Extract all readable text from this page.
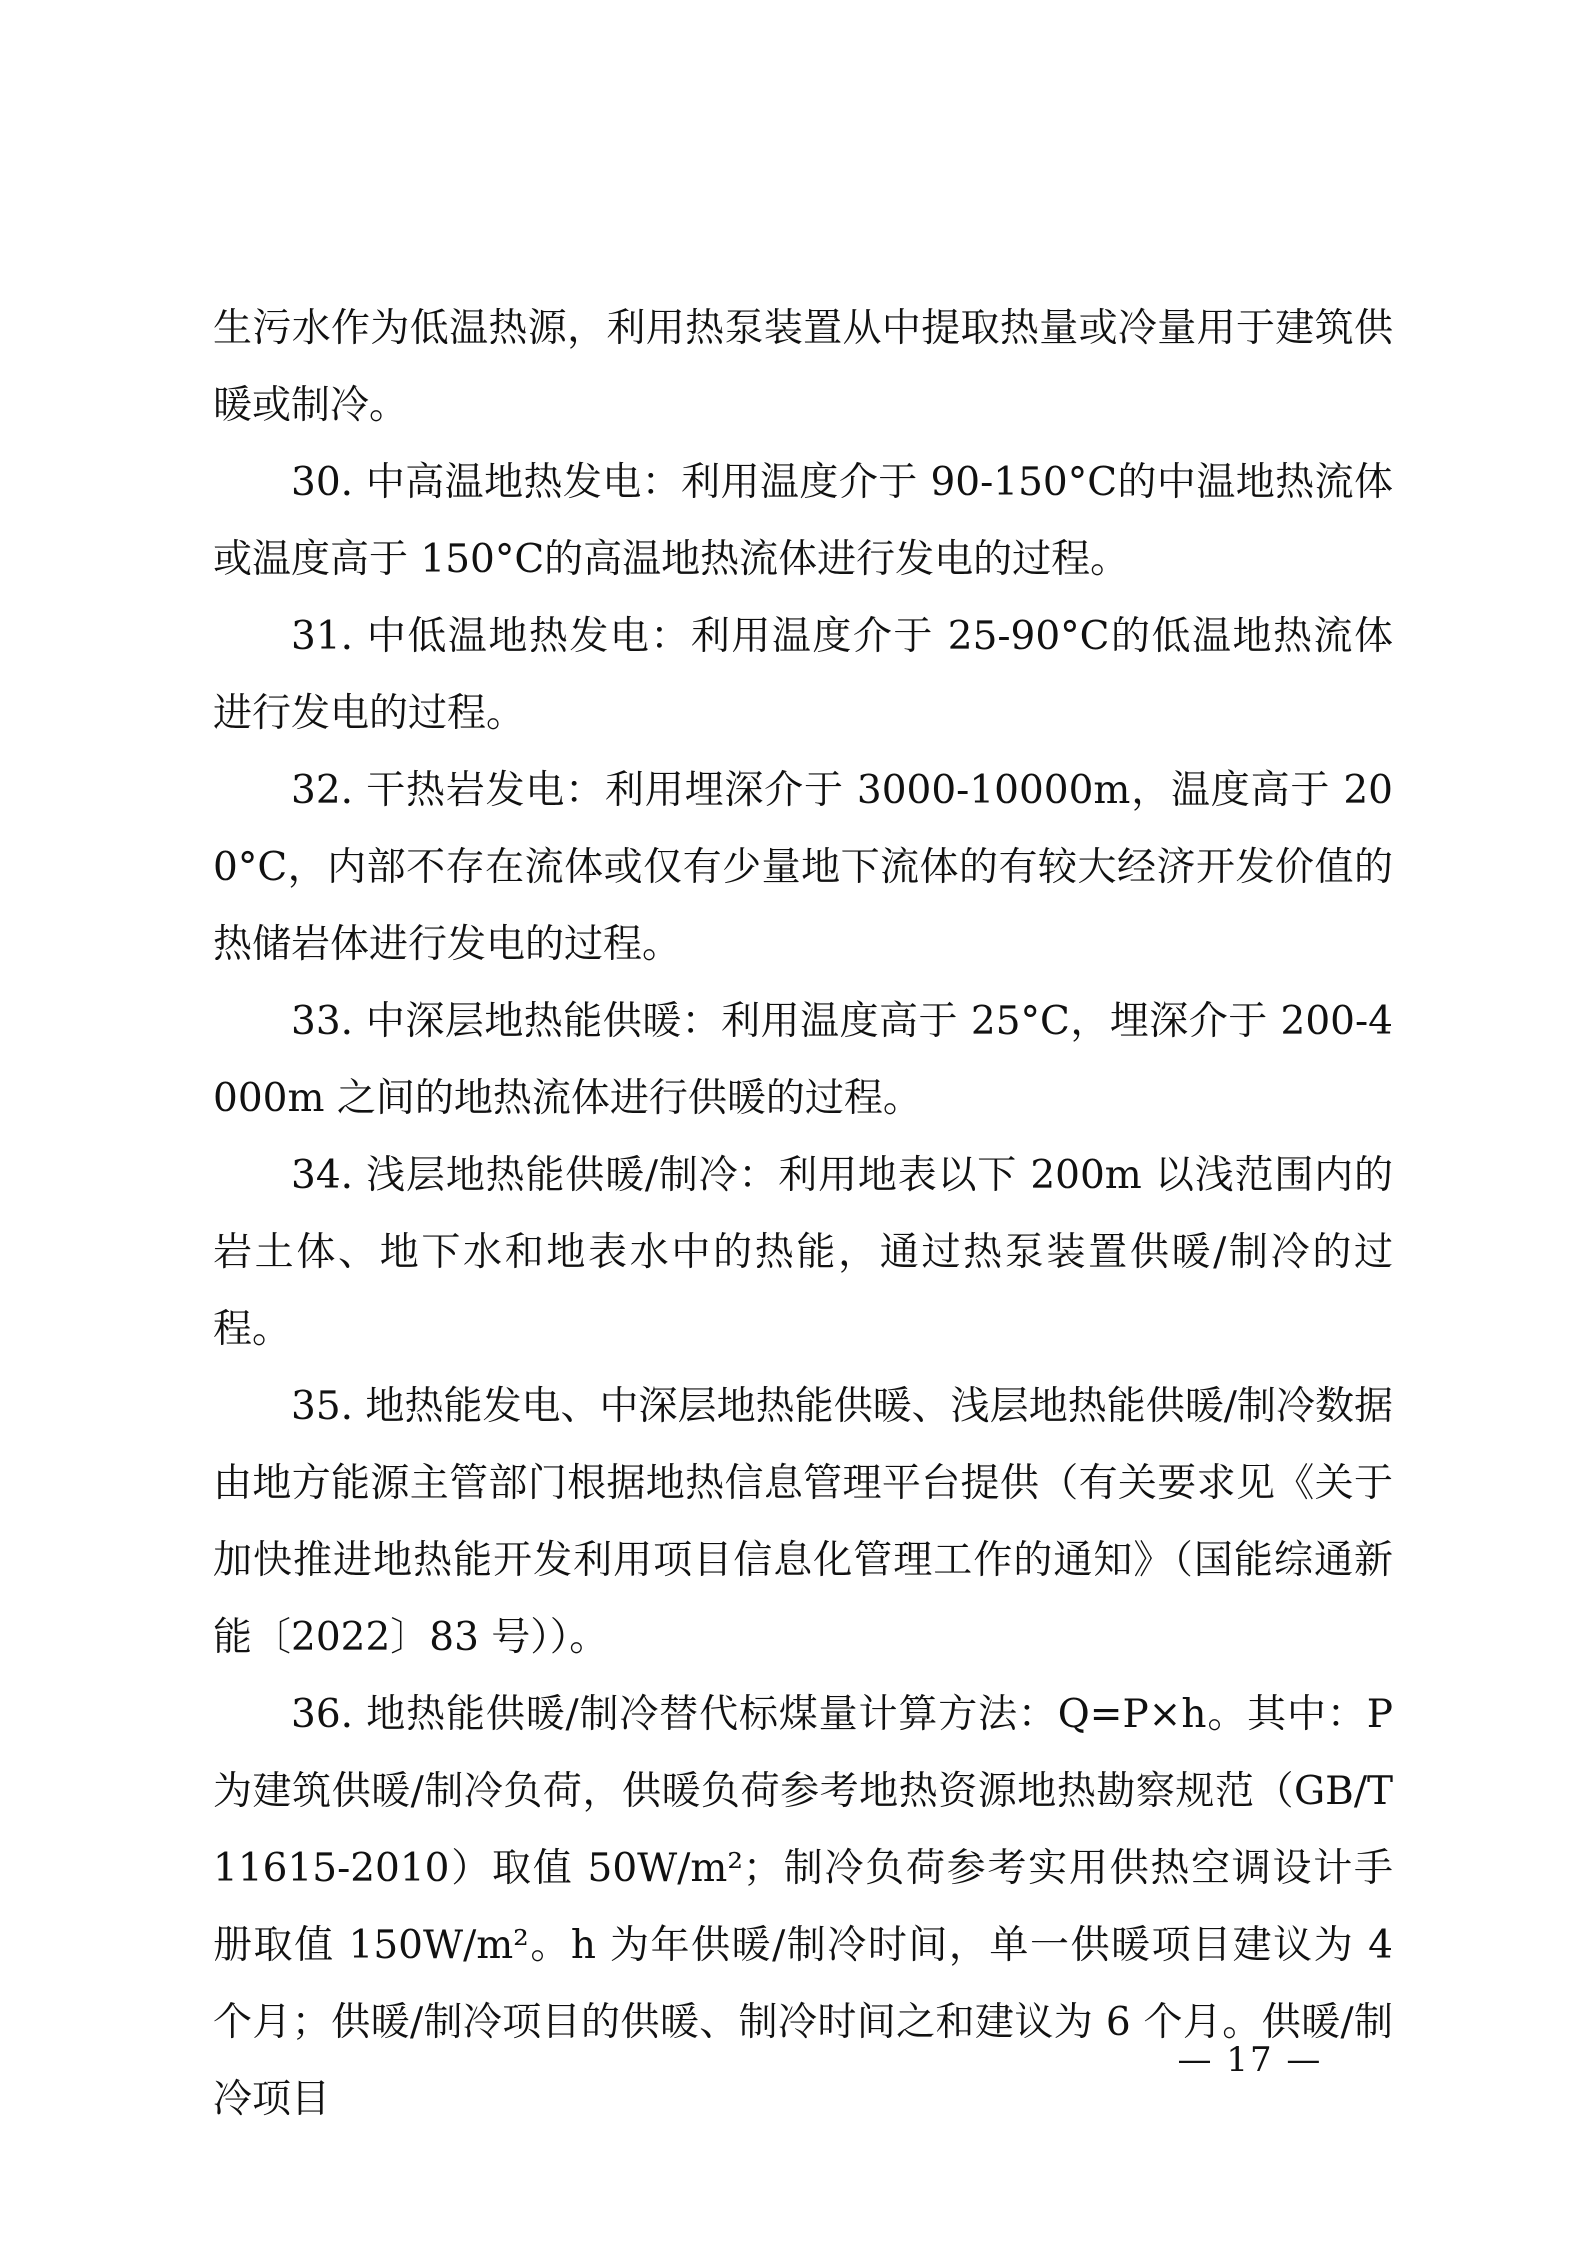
生污水作为低温热源，利用热泵装置从中提取热量或冷量用于建筑供暖或制冷。

30. 中高温地热发电：利用温度介于 90-150°C的中温地热流体或温度高于 150°C的高温地热流体进行发电的过程。

31. 中低温地热发电：利用温度介于 25-90°C的低温地热流体进行发电的过程。

32. 干热岩发电：利用埋深介于 3000-10000m，温度高于 200°C，内部不存在流体或仅有少量地下流体的有较大经济开发价值的热储岩体进行发电的过程。

33. 中深层地热能供暖：利用温度高于 25°C，埋深介于 200-4000m 之间的地热流体进行供暖的过程。

34. 浅层地热能供暖/制冷：利用地表以下 200m 以浅范围内的岩土体、地下水和地表水中的热能，通过热泵装置供暖/制冷的过程。

35. 地热能发电、中深层地热能供暖、浅层地热能供暖/制冷数据由地方能源主管部门根据地热信息管理平台提供（有关要求见《关于加快推进地热能开发利用项目信息化管理工作的通知》（国能综通新能〔2022〕83 号））。

36. 地热能供暖/制冷替代标煤量计算方法：Q=P×h。其中：P 为建筑供暖/制冷负荷，供暖负荷参考地热资源地热勘察规范（GB/T 11615-2010）取值 50W/m²；制冷负荷参考实用供热空调设计手册取值 150W/m²。h 为年供暖/制冷时间，单一供暖项目建议为 4 个月；供暖/制冷项目的供暖、制冷时间之和建议为 6 个月。供暖/制冷项目

— 17 —
